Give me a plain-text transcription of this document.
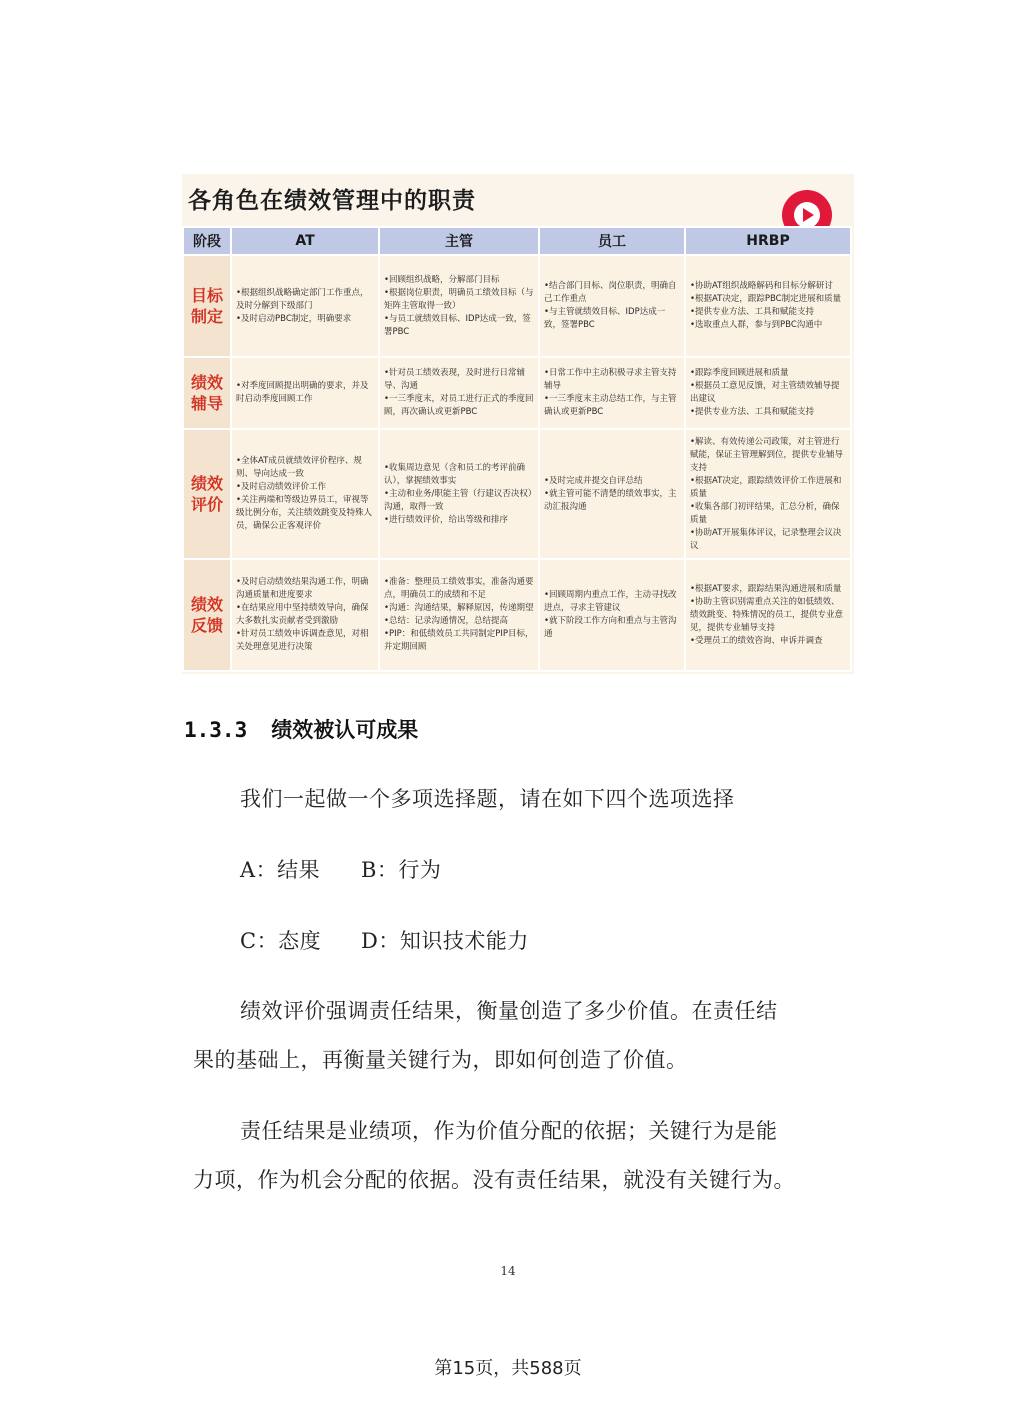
各角色在绩效管理中的职责
阶段	AT	主管	员工	HRBP

目标
制定	•根据组织战略确定部门工作重点，及时分解到下级部门
•及时启动PBC制定，明确要求	•回顾组织战略，分解部门目标
•根据岗位职责，明确员工绩效目标（与矩阵主管取得一致）
•与员工就绩效目标、IDP达成一致，签署PBC	•结合部门目标、岗位职责，明确自己工作重点
•与主管就绩效目标、IDP达成一致，签署PBC	•协助AT组织战略解码和目标分解研讨
•根据AT决定，跟踪PBC制定进展和质量
•提供专业方法、工具和赋能支持
•选取重点人群，参与到PBC沟通中

绩效
辅导	•对季度回顾提出明确的要求，并及时启动季度回顾工作	•针对员工绩效表现，及时进行日常辅导、沟通
•一三季度末，对员工进行正式的季度回顾，再次确认或更新PBC	•日常工作中主动积极寻求主管支持辅导
•一三季度末主动总结工作，与主管确认或更新PBC	•跟踪季度回顾进展和质量
•根据员工意见反馈，对主管绩效辅导提出建议
•提供专业方法、工具和赋能支持

绩效
评价	•全体AT成员就绩效评价程序、规则、导向达成一致
•及时启动绩效评价工作
•关注两端和等级边界员工，审视等级比例分布，关注绩效跳变及特殊人员，确保公正客观评价	•收集周边意见（含和员工的考评前确认），掌握绩效事实
•主动和业务/职能主管（行建议否决权）沟通，取得一致
•进行绩效评价，给出等级和排序	•及时完成并提交自评总结
•就主管可能不清楚的绩效事实，主动汇报沟通	•解读、有效传递公司政策，对主管进行赋能，保证主管理解到位，提供专业辅导支持
•根据AT决定，跟踪绩效评价工作进展和质量
•收集各部门初评结果，汇总分析，确保质量
•协助AT开展集体评议，记录整理会议决议

绩效
反馈	•及时启动绩效结果沟通工作，明确沟通质量和进度要求
•在结果应用中坚持绩效导向，确保大多数扎实贡献者受到激励
•针对员工绩效申诉调查意见，对相关处理意见进行决策	•准备：整理员工绩效事实，准备沟通要点，明确员工的成绩和不足
•沟通：沟通结果，解释原因，传递期望
•总结：记录沟通情况，总结提高
•PIP：和低绩效员工共同制定PIP目标，并定期回顾	•回顾周期内重点工作，主动寻找改进点，寻求主管建议
•就下阶段工作方向和重点与主管沟通	•根据AT要求，跟踪结果沟通进展和质量
•协助主管识别需重点关注的如低绩效、绩效跳变、特殊情况的员工，提供专业意见，提供专业辅导支持
•受理员工的绩效咨询、申诉并调查
1.3.3 绩效被认可成果
我们一起做一个多项选择题，请在如下四个选项选择
A：结果 B：行为
C：态度 D：知识技术能力
绩效评价强调责任结果，衡量创造了多少价值。在责任结
果的基础上，再衡量关键行为，即如何创造了价值。
责任结果是业绩项，作为价值分配的依据；关键行为是能
力项，作为机会分配的依据。没有责任结果，就没有关键行为。
14
第15页，共588页
